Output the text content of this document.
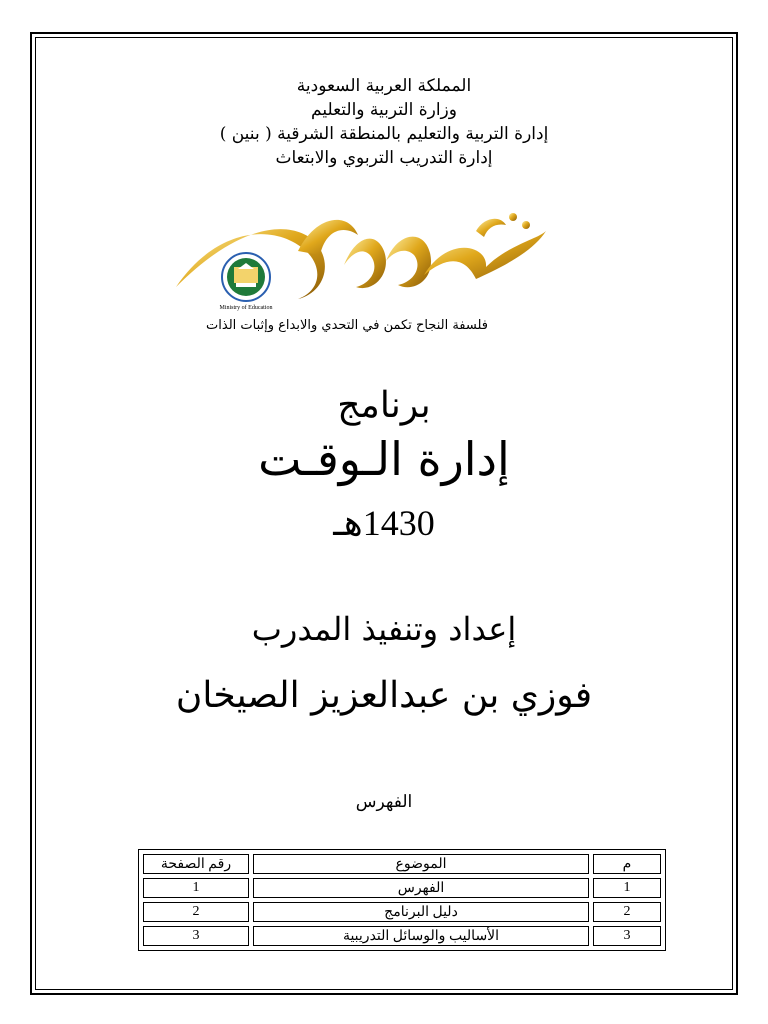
المملكة العربية السعودية
وزارة التربية والتعليم
إدارة التربية والتعليم بالمنطقة الشرقية ( بنين )
إدارة التدريب التربوي والابتعاث
Ministry of Education
فلسفة النجاح تكمن في التحدي والابداع وإثبات الذات
برنامج
إدارة الـوقـت
1430هـ
إعداد وتنفيذ المدرب
فوزي بن عبدالعزيز الصيخان
الفهرس
م	الموضوع	رقم الصفحة
1	الفهرس	1
2	دليل البرنامج	2
3	الأساليب والوسائل التدريبية	3
